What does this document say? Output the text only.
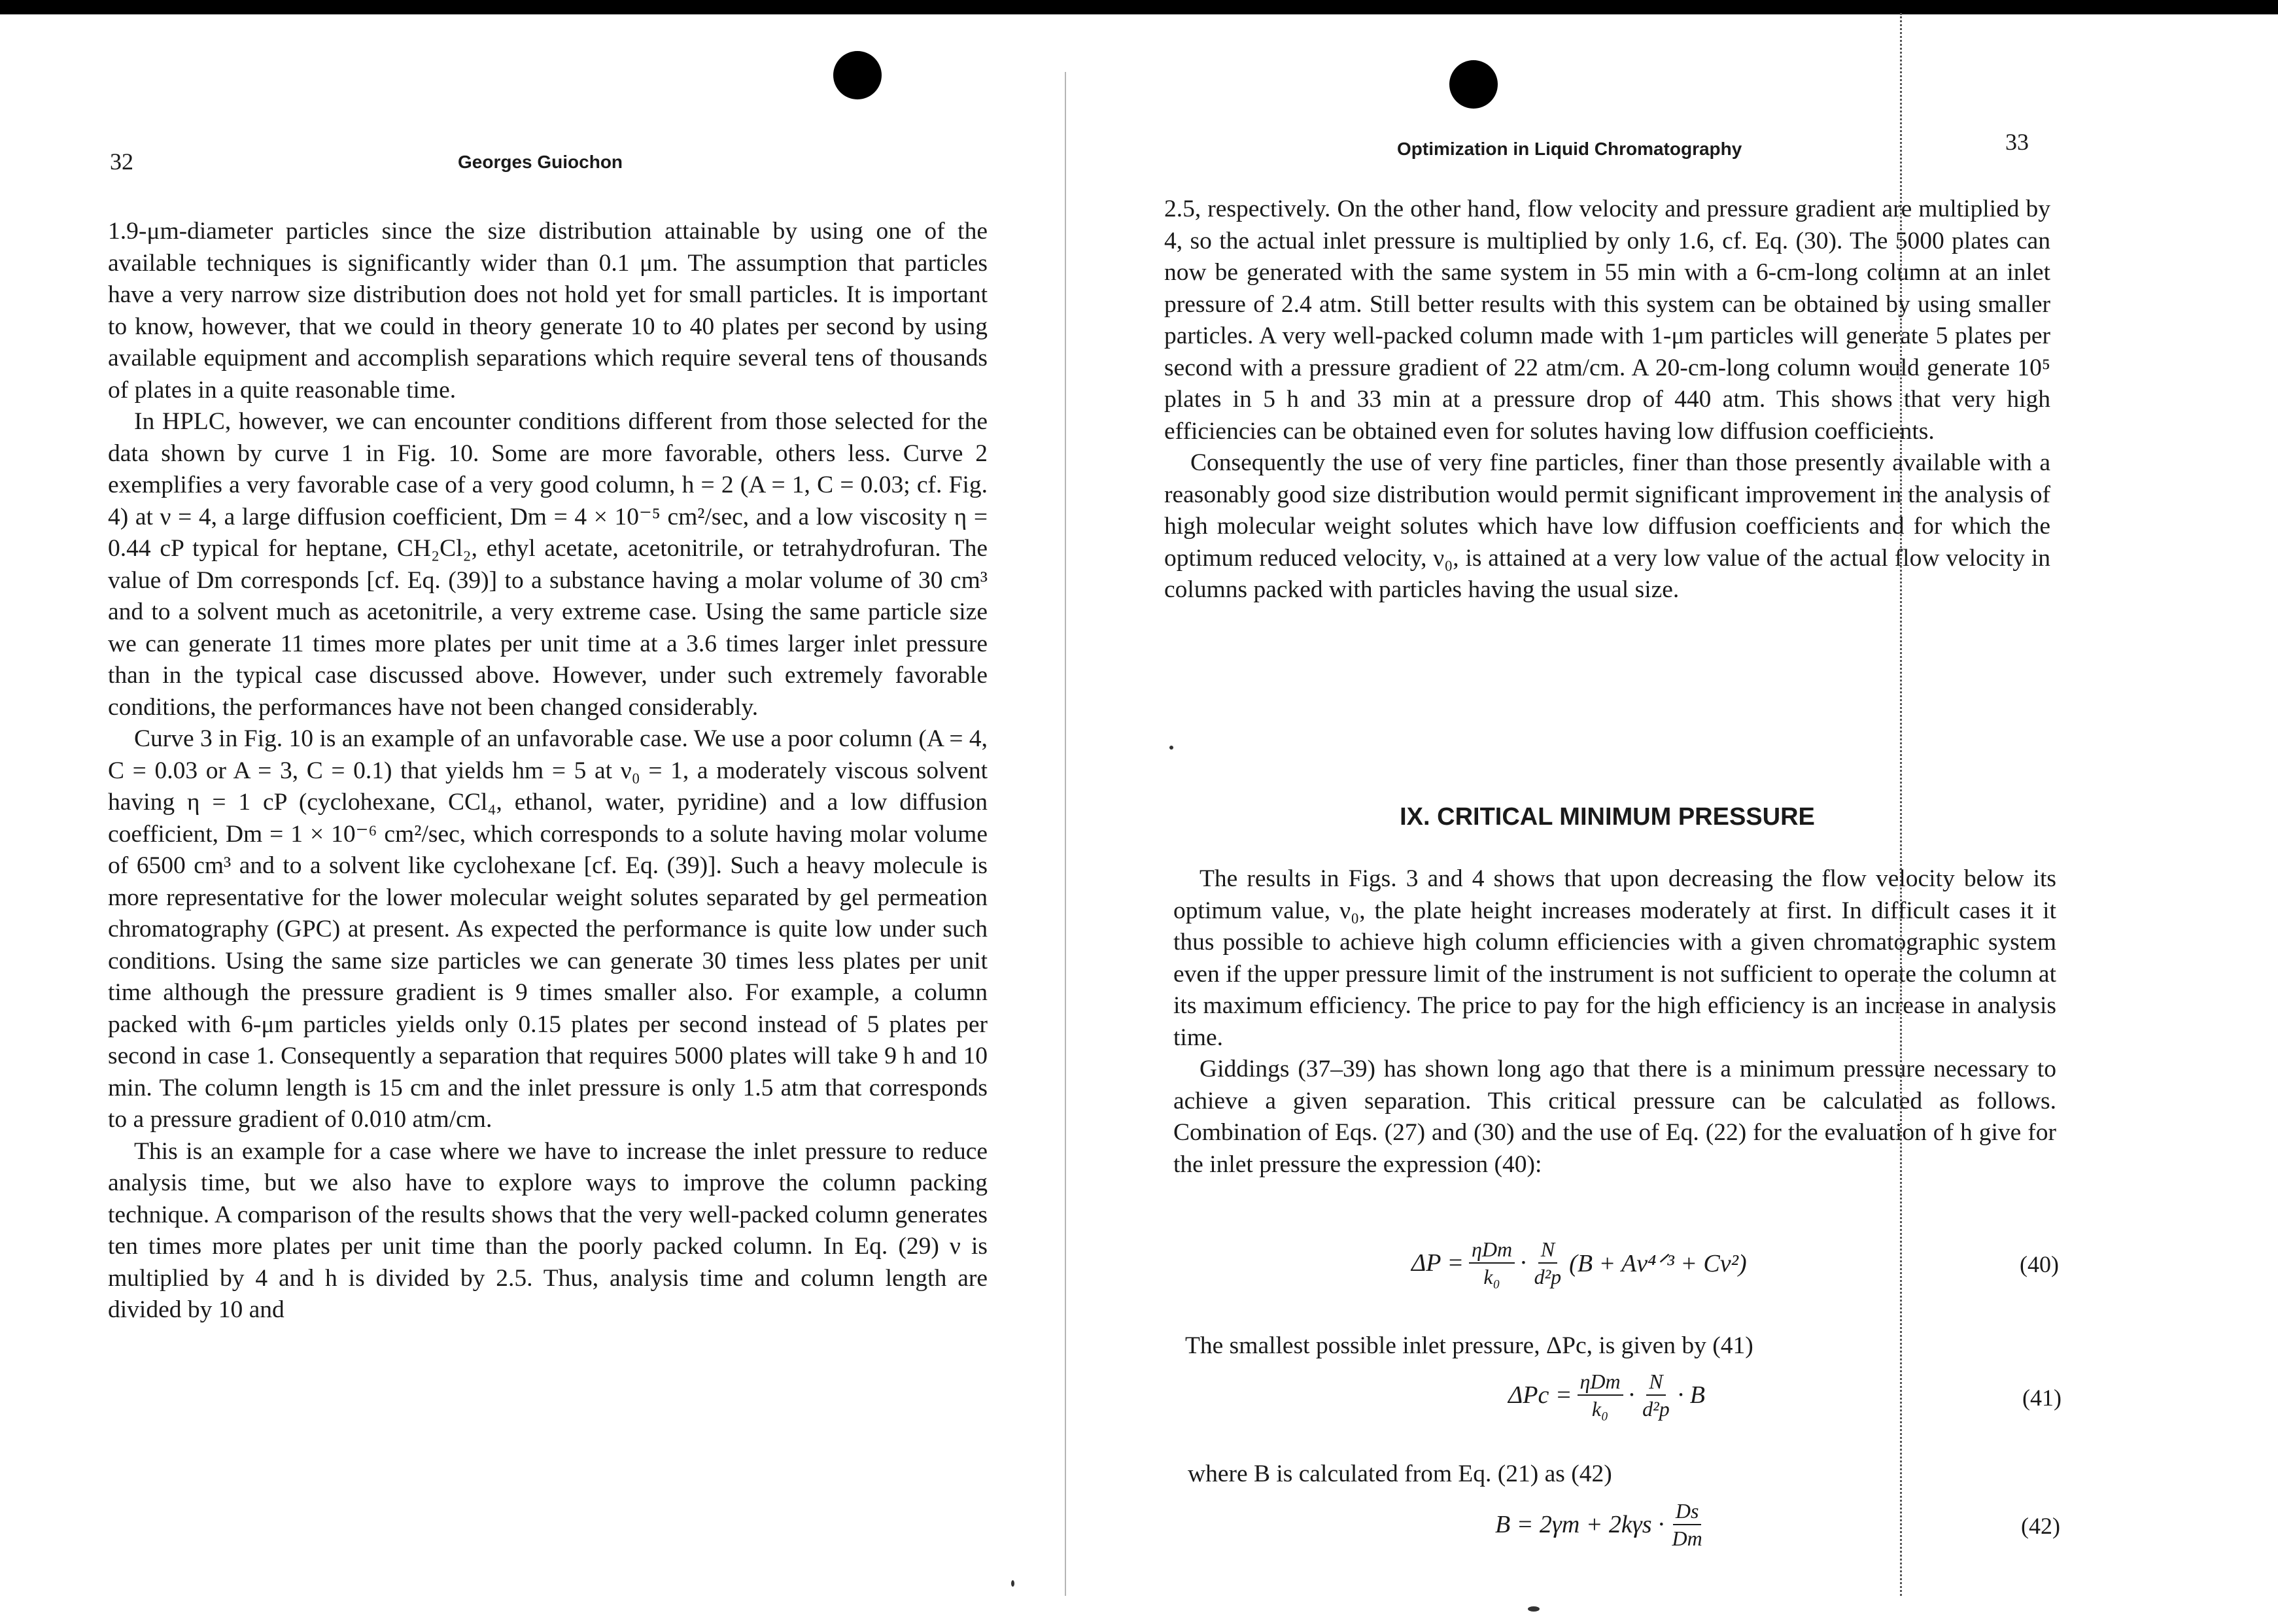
32	Georges Guiochon

1.9-μm-diameter particles since the size distribution attainable by using one of the available techniques is significantly wider than 0.1 μm. The assumption that particles have a very narrow size distribution does not hold yet for small particles. It is important to know, however, that we could in theory generate 10 to 40 plates per second by using available equipment and accomplish separations which require several tens of thousands of plates in a quite reasonable time.

In HPLC, however, we can encounter conditions different from those selected for the data shown by curve 1 in Fig. 10. Some are more favorable, others less. Curve 2 exemplifies a very favorable case of a very good column, h = 2 (A = 1, C = 0.03; cf. Fig. 4) at ν = 4, a large diffusion coefficient, Dm = 4 × 10⁻⁵ cm²/sec, and a low viscosity η = 0.44 cP typical for heptane, CH₂Cl₂, ethyl acetate, acetonitrile, or tetrahydrofuran. The value of Dm corresponds [cf. Eq. (39)] to a substance having a molar volume of 30 cm³ and to a solvent much as acetonitrile, a very extreme case. Using the same particle size we can generate 11 times more plates per unit time at a 3.6 times larger inlet pressure than in the typical case discussed above. However, under such extremely favorable conditions, the performances have not been changed considerably.

Curve 3 in Fig. 10 is an example of an unfavorable case. We use a poor column (A = 4, C = 0.03 or A = 3, C = 0.1) that yields hm = 5 at ν₀ = 1, a moderately viscous solvent having η = 1 cP (cyclohexane, CCl₄, ethanol, water, pyridine) and a low diffusion coefficient, Dm = 1 × 10⁻⁶ cm²/sec, which corresponds to a solute having molar volume of 6500 cm³ and to a solvent like cyclohexane [cf. Eq. (39)]. Such a heavy molecule is more representative for the lower molecular weight solutes separated by gel permeation chromatography (GPC) at present. As expected the performance is quite low under such conditions. Using the same size particles we can generate 30 times less plates per unit time although the pressure gradient is 9 times smaller also. For example, a column packed with 6-μm particles yields only 0.15 plates per second instead of 5 plates per second in case 1. Consequently a separation that requires 5000 plates will take 9 h and 10 min. The column length is 15 cm and the inlet pressure is only 1.5 atm that corresponds to a pressure gradient of 0.010 atm/cm.

This is an example for a case where we have to increase the inlet pressure to reduce analysis time, but we also have to explore ways to improve the column packing technique. A comparison of the results shows that the very well-packed column generates ten times more plates per unit time than the poorly packed column. In Eq. (29) ν is multiplied by 4 and h is divided by 2.5. Thus, analysis time and column length are divided by 10 and

Optimization in Liquid Chromatography	33

2.5, respectively. On the other hand, flow velocity and pressure gradient are multiplied by 4, so the actual inlet pressure is multiplied by only 1.6, cf. Eq. (30). The 5000 plates can now be generated with the same system in 55 min with a 6-cm-long column at an inlet pressure of 2.4 atm. Still better results with this system can be obtained by using smaller particles. A very well-packed column made with 1-μm particles will generate 5 plates per second with a pressure gradient of 22 atm/cm. A 20-cm-long column would generate 10⁵ plates in 5 h and 33 min at a pressure drop of 440 atm. This shows that very high efficiencies can be obtained even for solutes having low diffusion coefficients.

Consequently the use of very fine particles, finer than those presently available with a reasonably good size distribution would permit significant improvement in the analysis of high molecular weight solutes which have low diffusion coefficients and for which the optimum reduced velocity, ν₀, is attained at a very low value of the actual flow velocity in columns packed with particles having the usual size.

IX. CRITICAL MINIMUM PRESSURE

The results in Figs. 3 and 4 shows that upon decreasing the flow velocity below its optimum value, ν₀, the plate height increases moderately at first. In difficult cases it it thus possible to achieve high column efficiencies with a given chromatographic system even if the upper pressure limit of the instrument is not sufficient to operate the column at its maximum efficiency. The price to pay for the high efficiency is an increase in analysis time.

Giddings (37–39) has shown long ago that there is a minimum pressure necessary to achieve a given separation. This critical pressure can be calculated as follows. Combination of Eqs. (27) and (30) and the use of Eq. (22) for the evaluation of h give for the inlet pressure the expression (40):

$\Delta P = \frac{\text{ηDm}}{\text{k₀}} \cdot \frac{N}{\text{d²p}} (B$ + Aν⁴ᐟ³ + Cν²)	(40)
The smallest possible inlet pressure, ΔPc, is given by (41)
$\Delta Pc = \frac{\text{ηDm}}{\text{k₀}} \cdot \frac{N}{\text{d²p}} \cdot B$	(41)
where B is calculated from Eq. (21) as (42)
$B = 2\gamma m + 2k\gamma s \cdot \frac{Ds}{Dm}$	(42)
